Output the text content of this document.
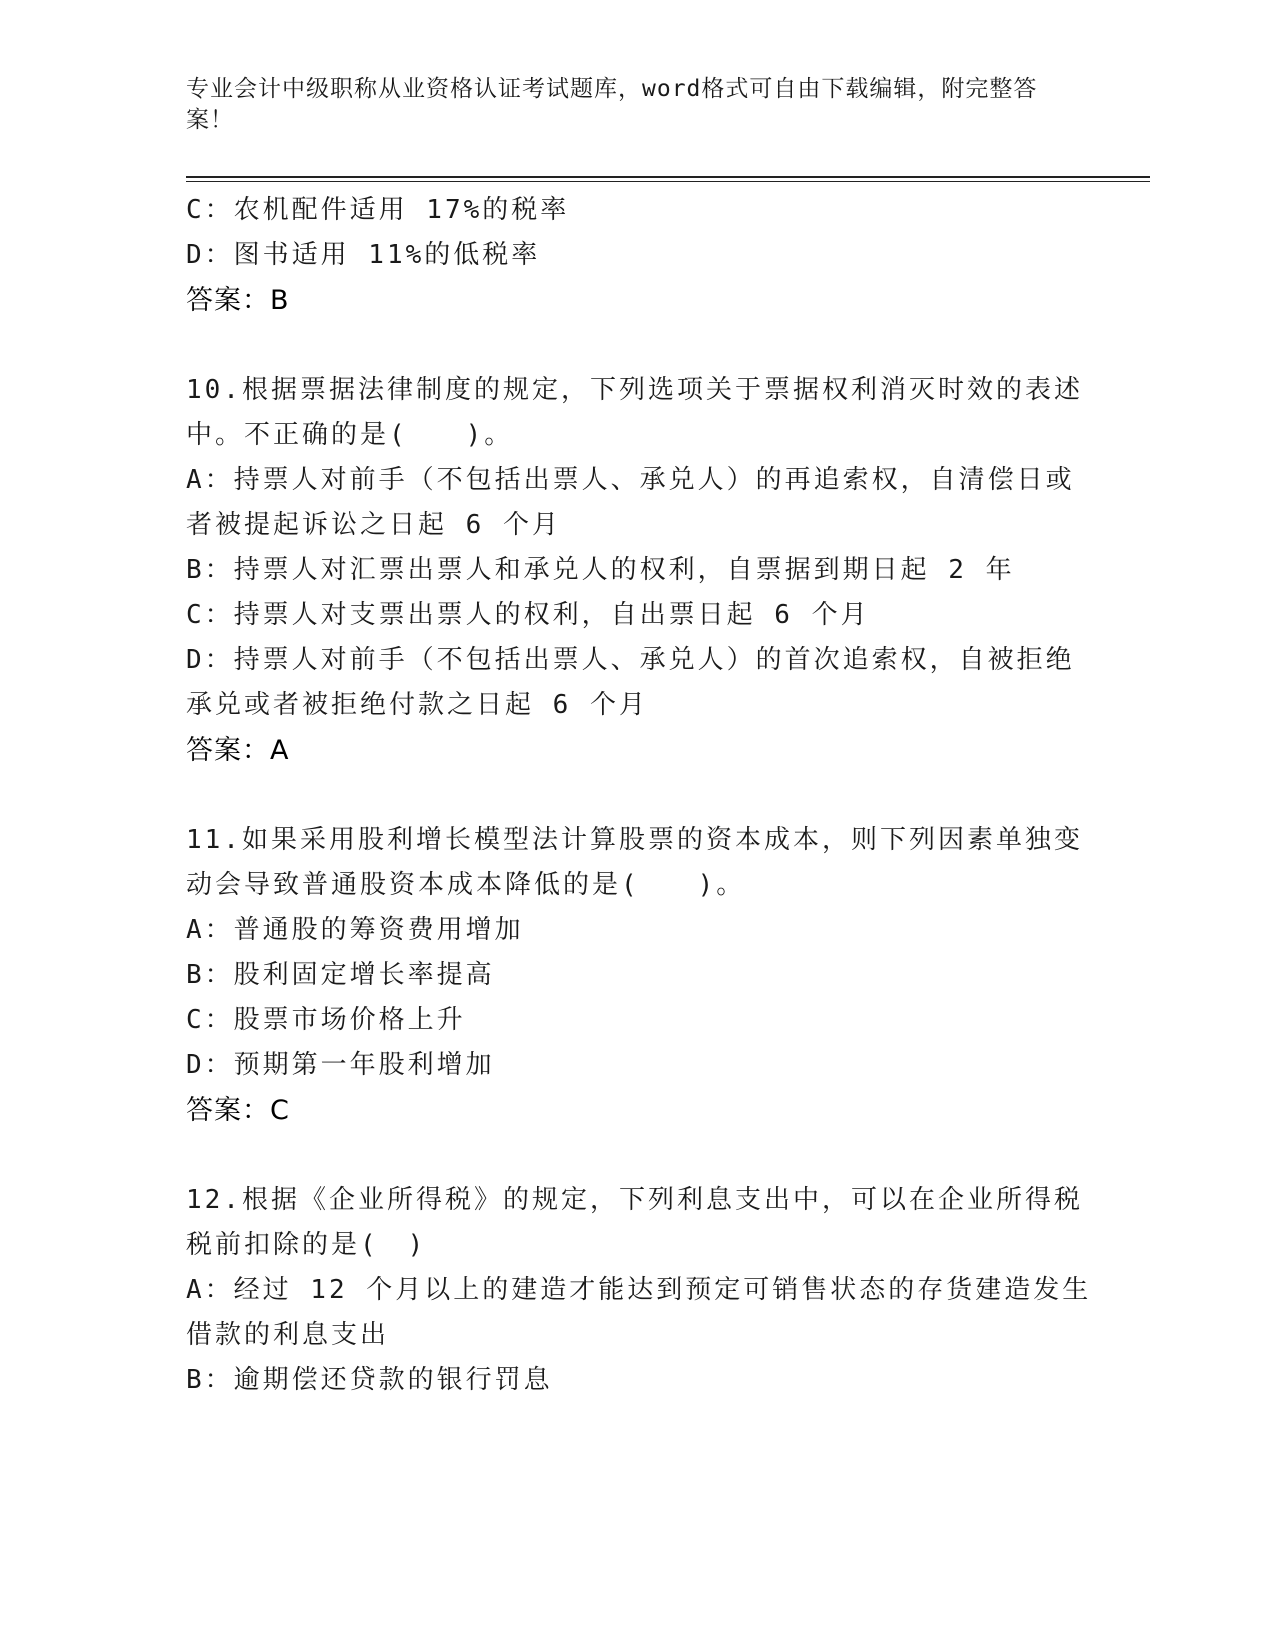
专业会计中级职称从业资格认证考试题库，word格式可自由下载编辑，附完整答
案！
C：农机配件适用 17%的税率
D：图书适用 11%的低税率
答案：B
10.根据票据法律制度的规定，下列选项关于票据权利消灭时效的表述
中。不正确的是(　　)。
A：持票人对前手（不包括出票人、承兑人）的再追索权，自清偿日或
者被提起诉讼之日起 6 个月
B：持票人对汇票出票人和承兑人的权利，自票据到期日起 2 年
C：持票人对支票出票人的权利，自出票日起 6 个月
D：持票人对前手（不包括出票人、承兑人）的首次追索权，自被拒绝
承兑或者被拒绝付款之日起 6 个月
答案：A
11.如果采用股利增长模型法计算股票的资本成本，则下列因素单独变
动会导致普通股资本成本降低的是(　　)。
A：普通股的筹资费用增加
B：股利固定增长率提高
C：股票市场价格上升
D：预期第一年股利增加
答案：C
12.根据《企业所得税》的规定，下列利息支出中，可以在企业所得税
税前扣除的是(　)
A：经过 12 个月以上的建造才能达到预定可销售状态的存货建造发生
借款的利息支出
B：逾期偿还贷款的银行罚息
